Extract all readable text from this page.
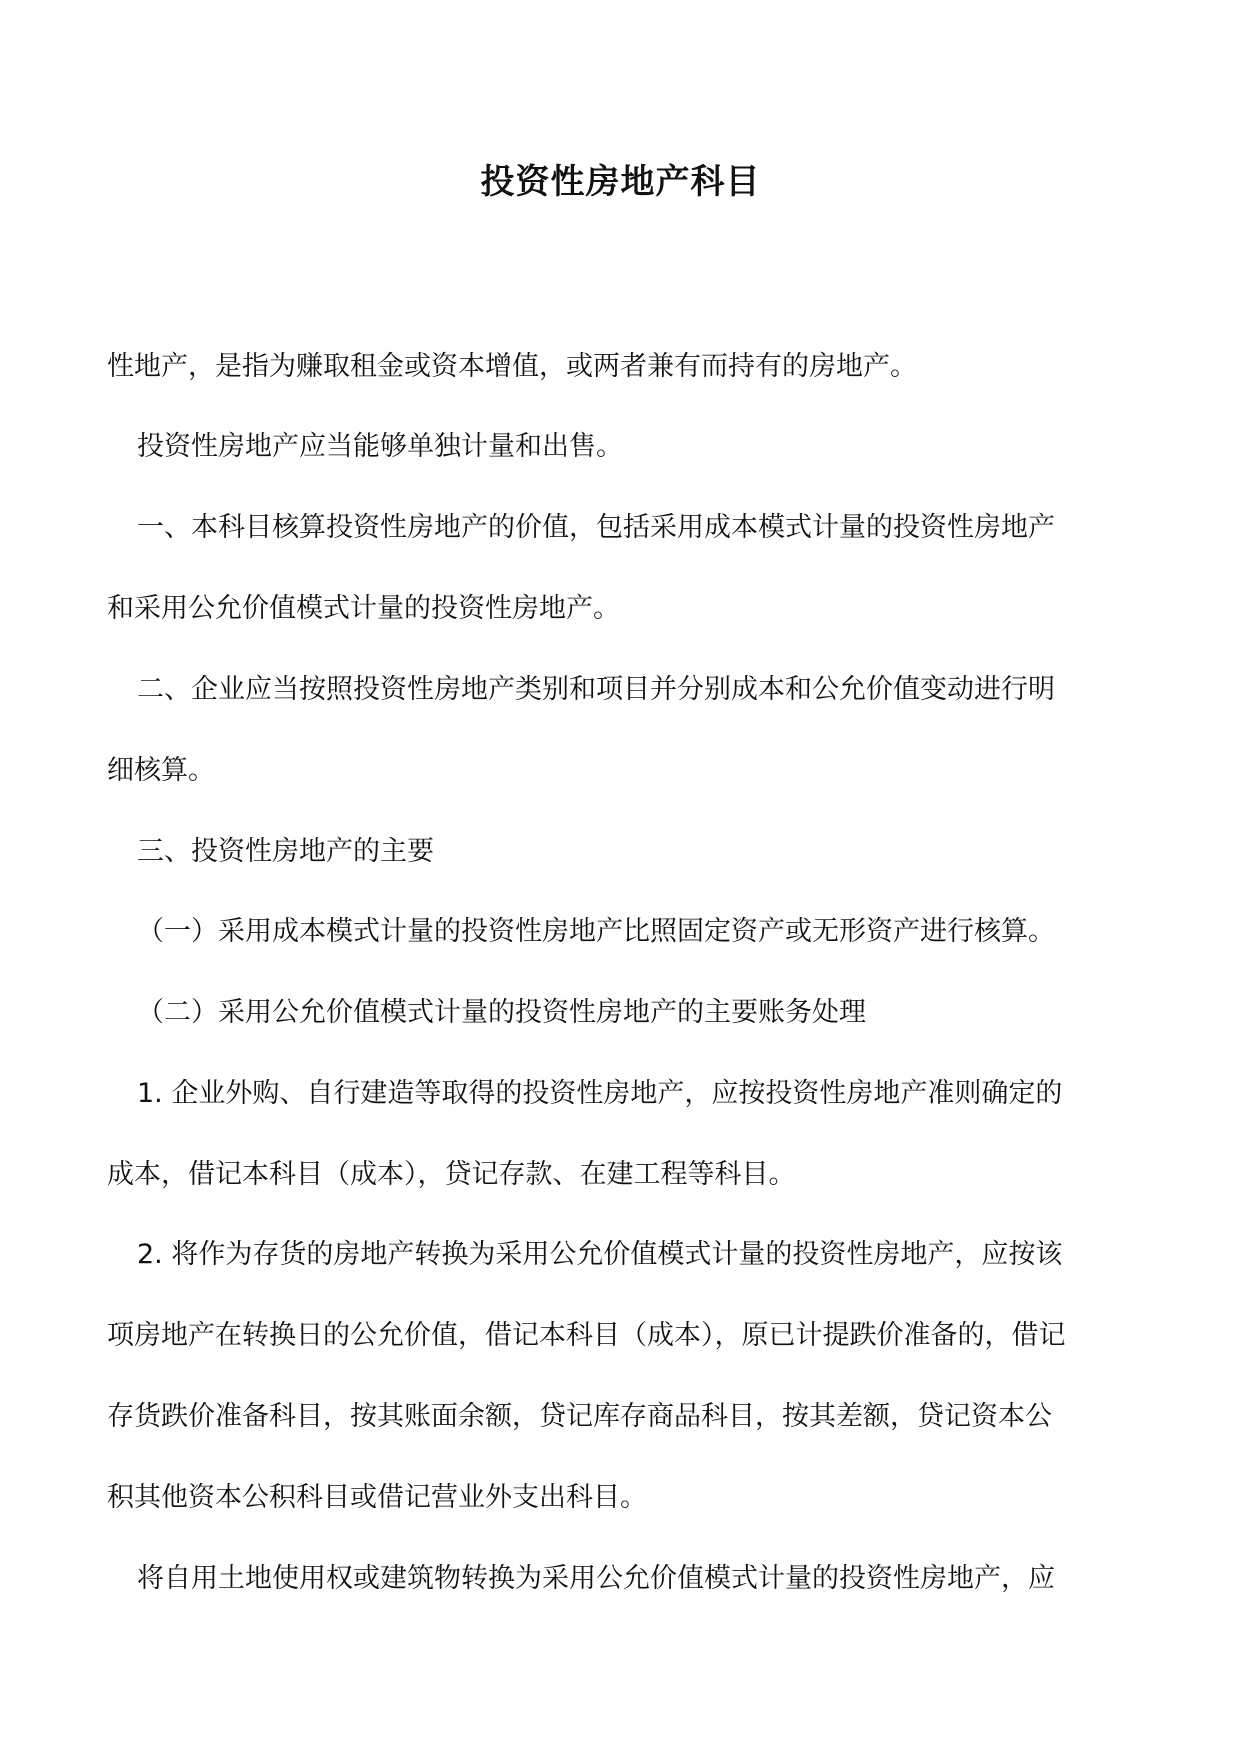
投资性房地产科目

性地产，是指为赚取租金或资本增值，或两者兼有而持有的房地产。

投资性房地产应当能够单独计量和出售。

一、本科目核算投资性房地产的价值，包括采用成本模式计量的投资性房地产

和采用公允价值模式计量的投资性房地产。

二、企业应当按照投资性房地产类别和项目并分别成本和公允价值变动进行明

细核算。

三、投资性房地产的主要

（一）采用成本模式计量的投资性房地产比照固定资产或无形资产进行核算。

（二）采用公允价值模式计量的投资性房地产的主要账务处理

1. 企业外购、自行建造等取得的投资性房地产，应按投资性房地产准则确定的

成本，借记本科目（成本），贷记存款、在建工程等科目。

2. 将作为存货的房地产转换为采用公允价值模式计量的投资性房地产，应按该

项房地产在转换日的公允价值，借记本科目（成本），原已计提跌价准备的，借记

存货跌价准备科目，按其账面余额，贷记库存商品科目，按其差额，贷记资本公

积其他资本公积科目或借记营业外支出科目。

将自用土地使用权或建筑物转换为采用公允价值模式计量的投资性房地产，应
